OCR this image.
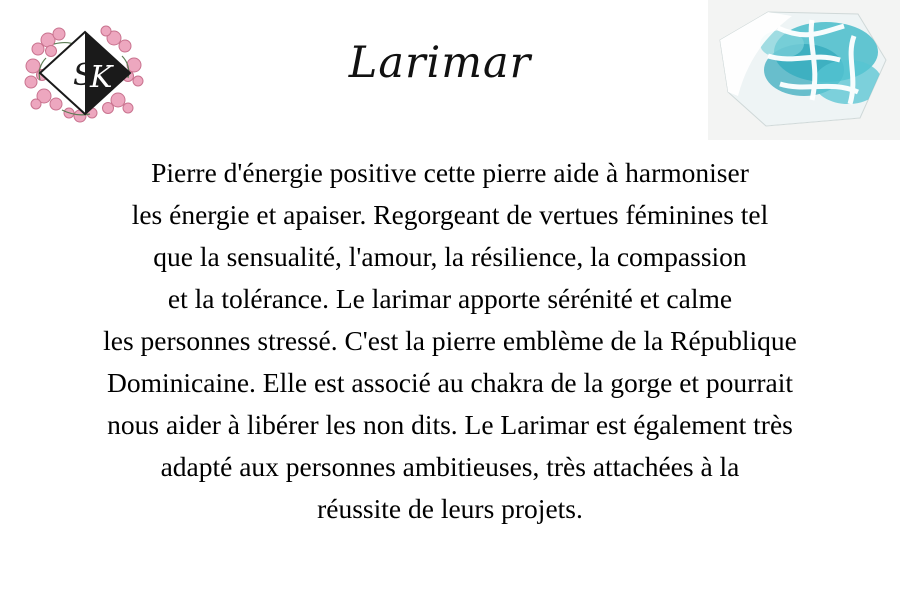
S
K	Larimar
Pierre d'énergie positive cette pierre aide à harmoniser
les énergie et apaiser. Regorgeant de vertues féminines tel
que la sensualité, l'amour, la résilience, la compassion
et la tolérance. Le larimar apporte sérénité et calme
les personnes stressé. C'est la pierre emblème de la République
Dominicaine. Elle est associé au chakra de la gorge et pourrait
nous aider à libérer les non dits. Le Larimar est également très
adapté aux personnes ambitieuses, très attachées à la
réussite de leurs projets.
